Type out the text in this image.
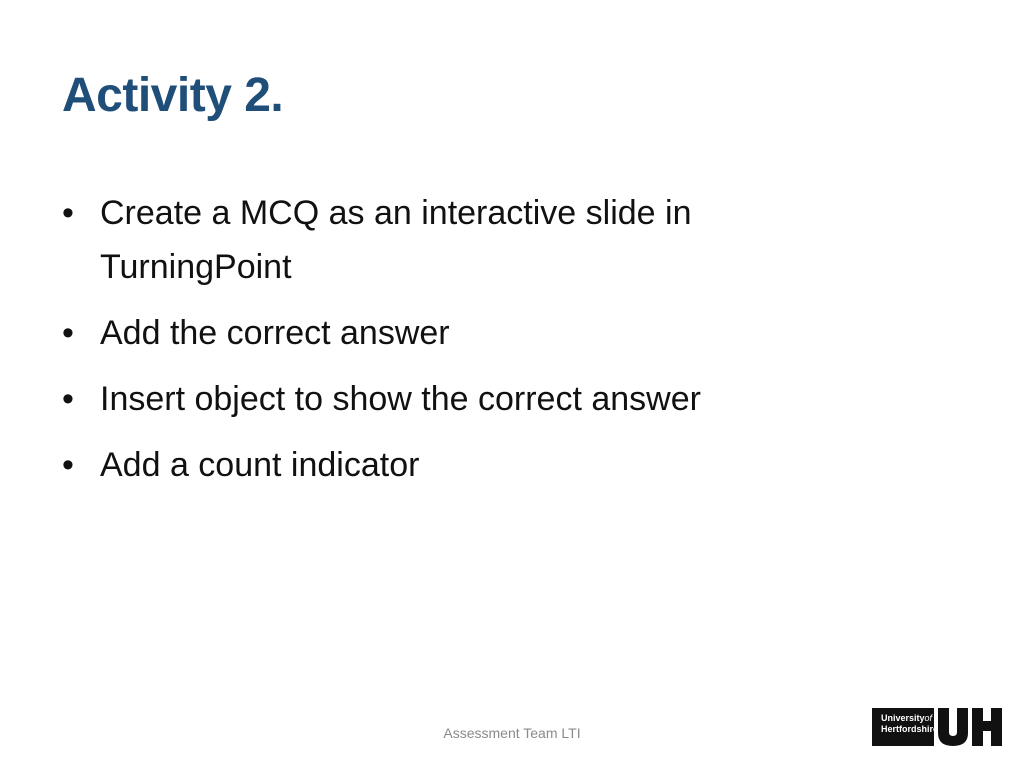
Activity 2.
• Create a MCQ as an interactive slide in TurningPoint
• Add the correct answer
• Insert object to show the correct answer
• Add a count indicator
Assessment Team LTI
Universityof
Hertfordshire
